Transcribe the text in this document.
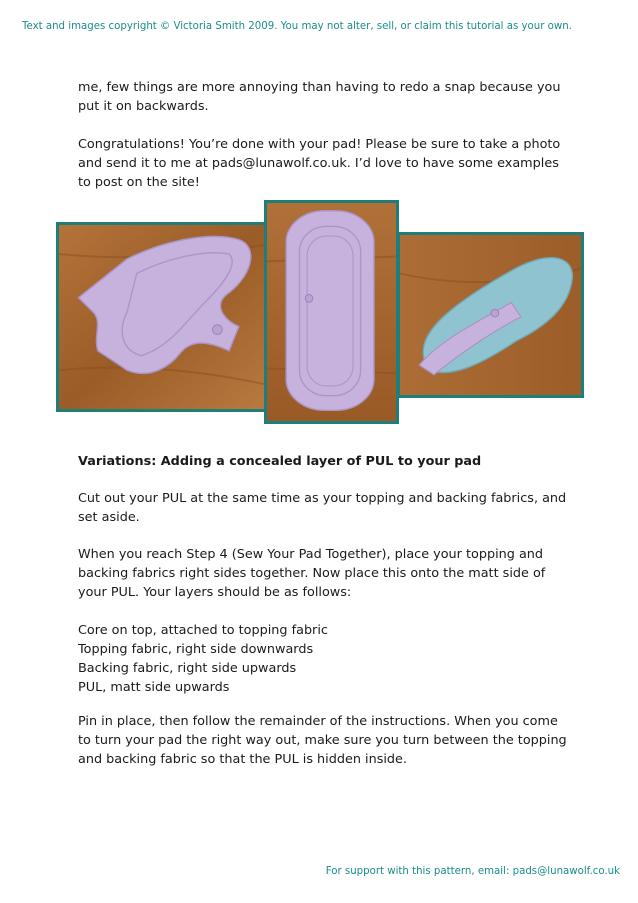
Text and images copyright © Victoria Smith 2009. You may not alter, sell, or claim this tutorial as your own.

me, few things are more annoying than having to redo a snap because you put it on backwards.

Congratulations! You’re done with your pad! Please be sure to take a photo and send it to me at pads@lunawolf.co.uk. I’d love to have some examples to post on the site!

Variations: Adding a concealed layer of PUL to your pad

Cut out your PUL at the same time as your topping and backing fabrics, and set aside.

When you reach Step 4 (Sew Your Pad Together), place your topping and backing fabrics right sides together. Now place this onto the matt side of your PUL. Your layers should be as follows:

Core on top, attached to topping fabric
Topping fabric, right side downwards
Backing fabric, right side upwards
PUL, matt side upwards

Pin in place, then follow the remainder of the instructions. When you come to turn your pad the right way out, make sure you turn between the topping and backing fabric so that the PUL is hidden inside.

For support with this pattern, email: pads@lunawolf.co.uk
